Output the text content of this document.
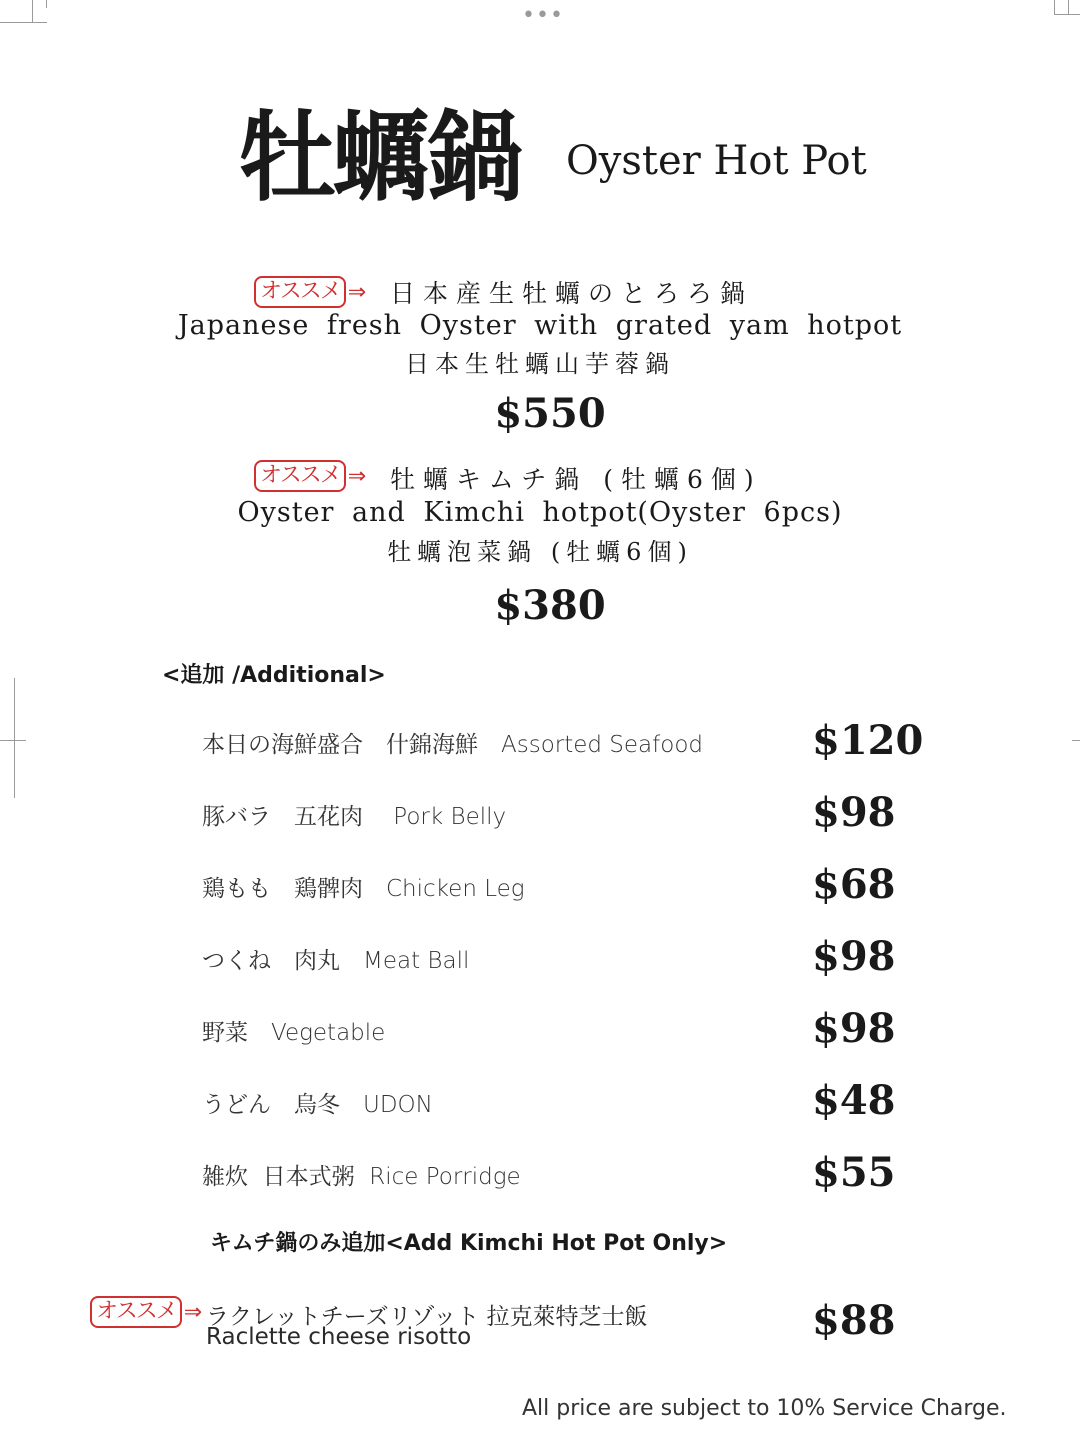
•••
牡蠣鍋 Oyster Hot Pot
オススメ ⇒ 日本産生牡蠣のとろろ鍋
Japanese fresh Oyster with grated yam hotpot
日本生牡蠣山芋蓉鍋
$550
オススメ ⇒ 牡蠣キムチ鍋 (牡蠣6個)
Oyster and Kimchi hotpot(Oyster 6pcs)
牡蠣泡菜鍋 (牡蠣6個)
$380
<追加 /Additional>
本日の海鮮盛合　什錦海鮮　Assorted Seafood	$120
豚バラ　五花肉　 Pork Belly	$98
鶏もも　鶏髀肉　Chicken Leg	$68
つくね　肉丸　Meat Ball	$98
野菜　Vegetable	$98
うどん　烏冬　UDON	$48
雑炊  日本式粥  Rice Porridge	$55
キムチ鍋のみ追加<Add Kimchi Hot Pot Only>
オススメ ⇒ ラクレットチーズリゾット 拉克萊特芝士飯
Raclette cheese risotto	$88
All price are subject to 10% Service Charge.
